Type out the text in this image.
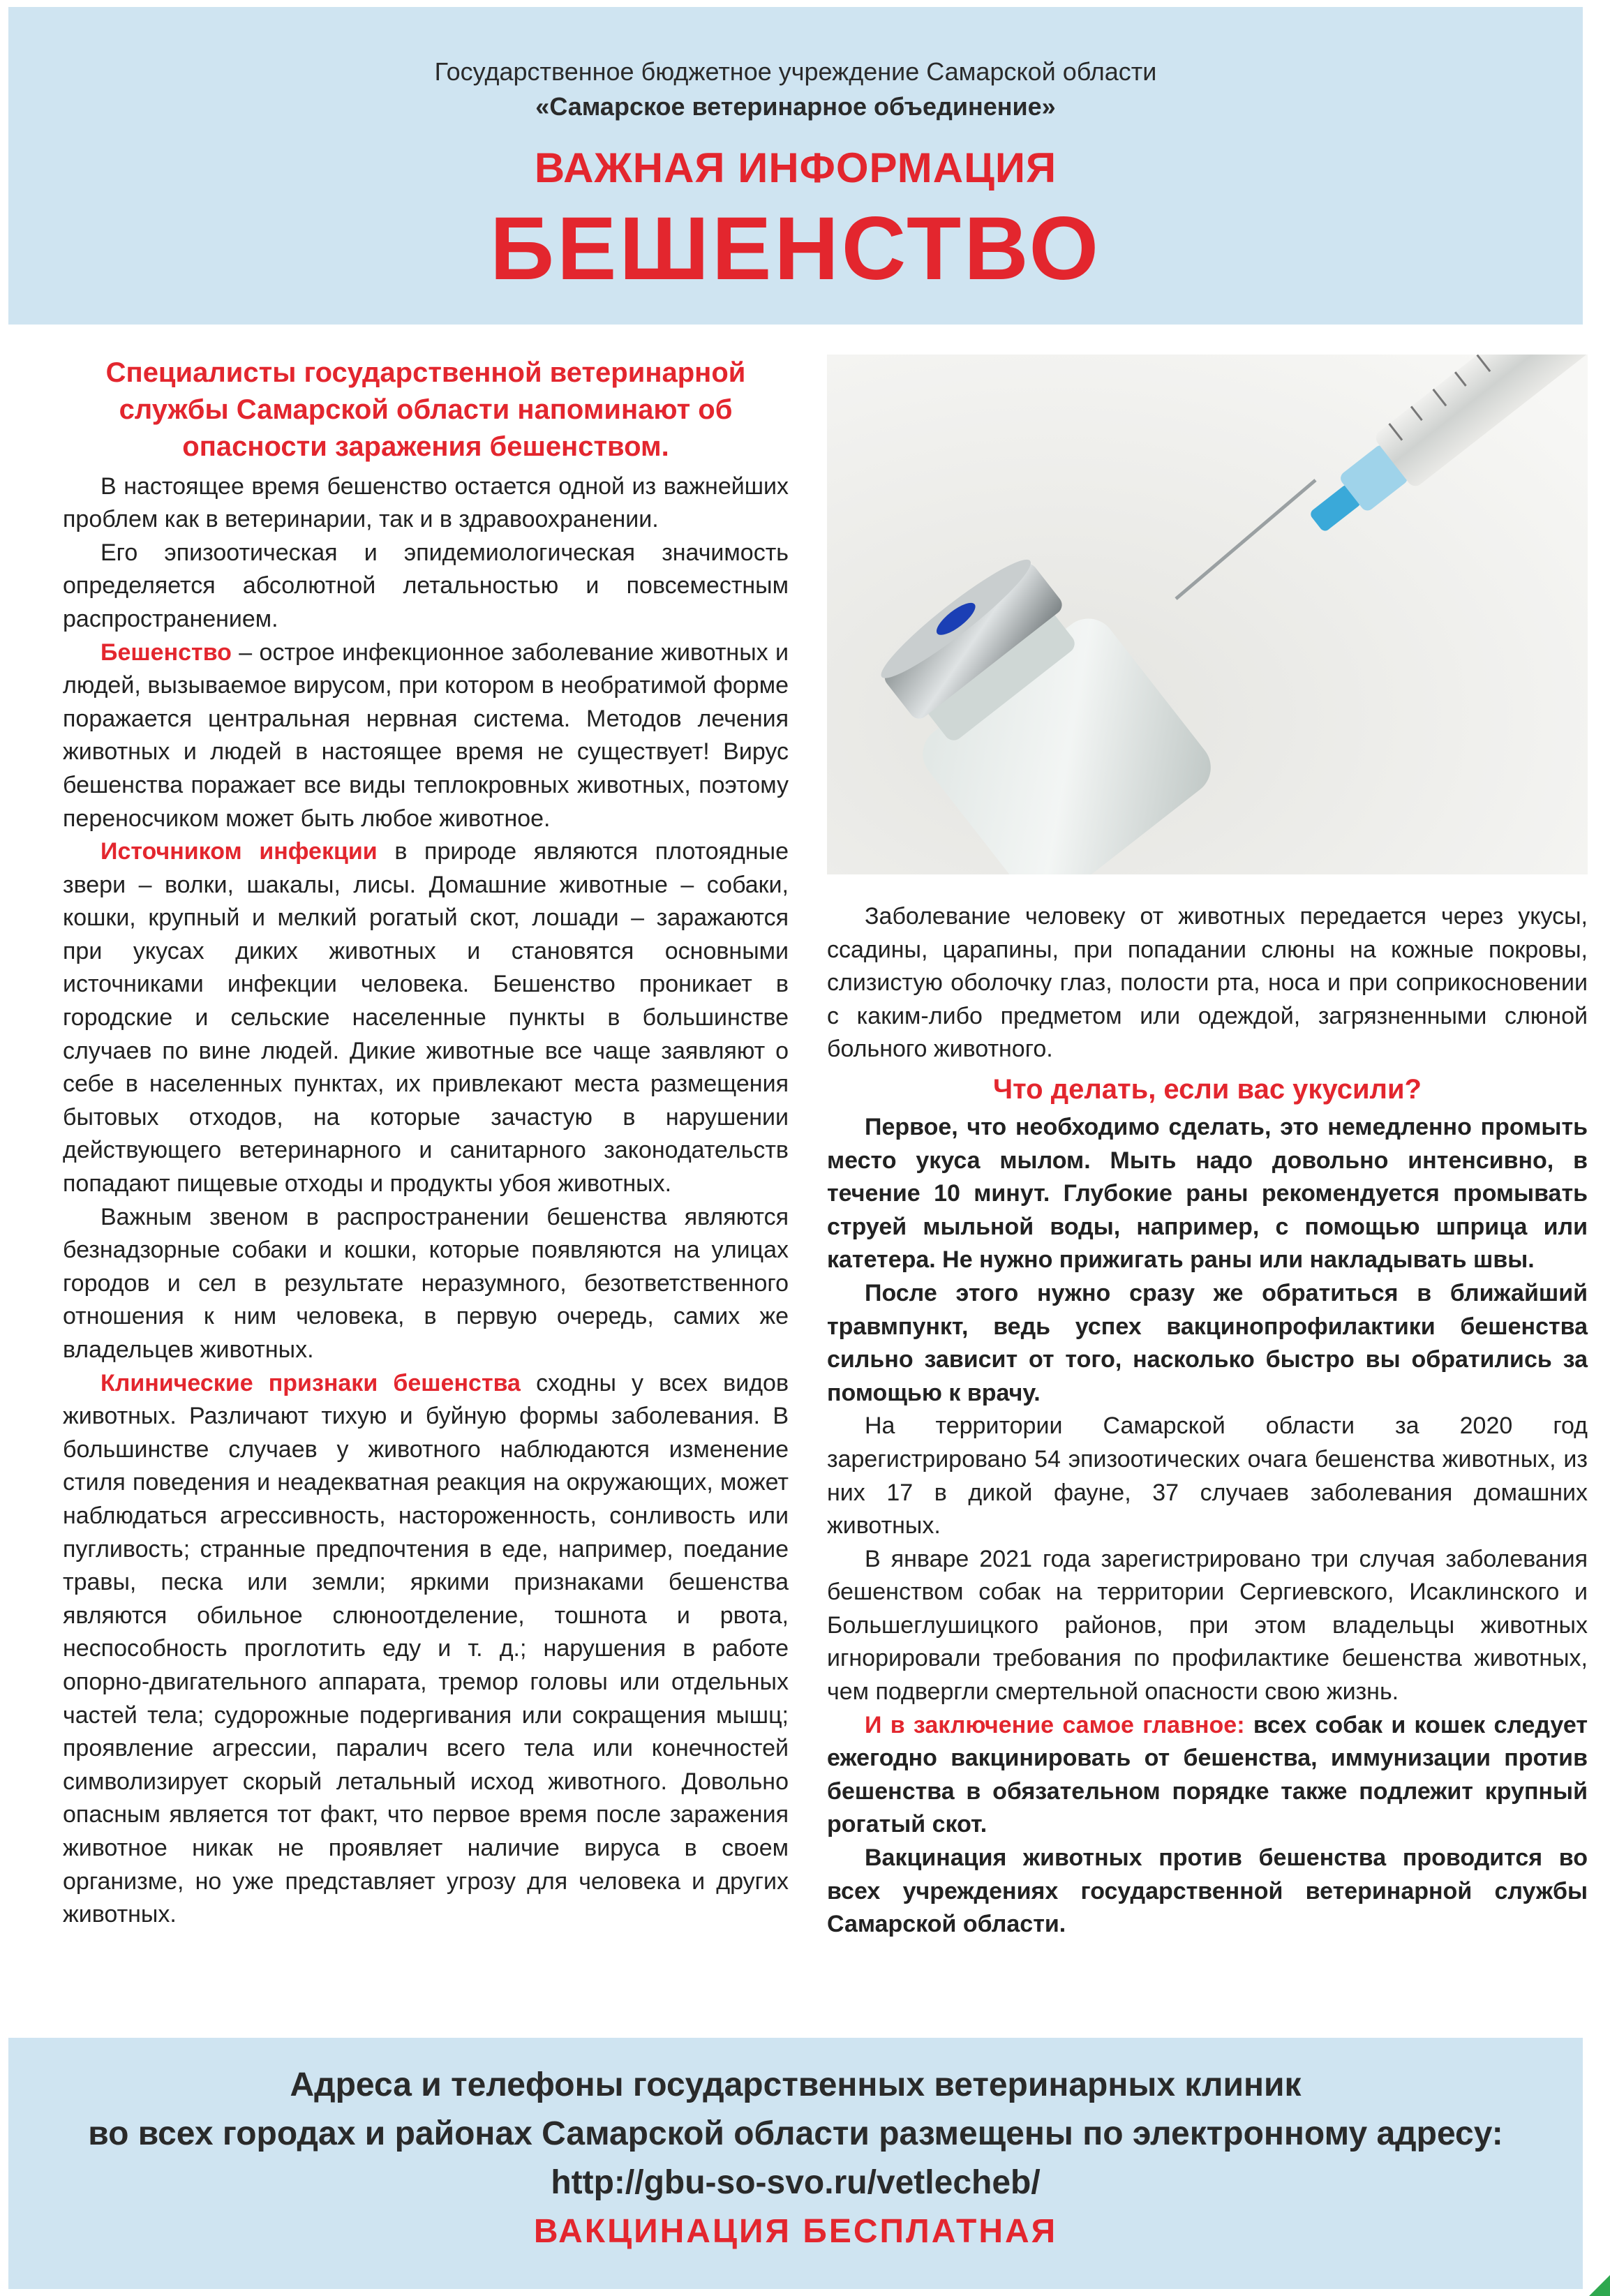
Государственное бюджетное учреждение Самарской области
«Самарское ветеринарное объединение»
ВАЖНАЯ ИНФОРМАЦИЯ
БЕШЕНСТВО
Специалисты государственной ветеринарной службы Самарской области напоминают об опасности заражения бешенством.

В настоящее время бешенство остается одной из важнейших проблем как в ветеринарии, так и в здравоохранении.

Его эпизоотическая и эпидемиологическая значимость определяется абсолютной летальностью и повсеместным распространением.

Бешенство – острое инфекционное заболевание животных и людей, вызываемое вирусом, при котором в необратимой форме поражается центральная нервная система. Методов лечения животных и людей в настоящее время не существует! Вирус бешенства поражает все виды теплокровных животных, поэтому переносчиком может быть любое животное.

Источником инфекции в природе являются плотоядные звери – волки, шакалы, лисы. Домашние животные – собаки, кошки, крупный и мелкий рогатый скот, лошади – заражаются при укусах диких животных и становятся основными источниками инфекции человека. Бешенство проникает в городские и сельские населенные пункты в большинстве случаев по вине людей. Дикие животные все чаще заявляют о себе в населенных пунктах, их привлекают места размещения бытовых отходов, на которые зачастую в нарушении действующего ветеринарного и санитарного законодательств попадают пищевые отходы и продукты убоя животных.

Важным звеном в распространении бешенства являются безнадзорные собаки и кошки, которые появляются на улицах городов и сел в результате неразумного, безответственного отношения к ним человека, в первую очередь, самих же владельцев животных.

Клинические признаки бешенства сходны у всех видов животных. Различают тихую и буйную формы заболевания. В большинстве случаев у животного наблюдаются изменение стиля поведения и неадекватная реакция на окружающих, может наблюдаться агрессивность, настороженность, сонливость или пугливость; странные предпочтения в еде, например, поедание травы, песка или земли; яркими признаками бешенства являются обильное слюноотделение, тошнота и рвота, неспособность проглотить еду и т. д.; нарушения в работе опорно-двигательного аппарата, тремор головы или отдельных частей тела; судорожные подергивания или сокращения мышц; проявление агрессии, паралич всего тела или конечностей символизирует скорый летальный исход животного. Довольно опасным является тот факт, что первое время после заражения животное никак не проявляет наличие вируса в своем организме, но уже представляет угрозу для человека и других животных.

Заболевание человеку от животных передается через укусы, ссадины, царапины, при попадании слюны на кожные покровы, слизистую оболочку глаз, полости рта, носа и при соприкосновении с каким-либо предметом или одеждой, загрязненными слюной больного животного.

Что делать, если вас укусили?

Первое, что необходимо сделать, это немедленно промыть место укуса мылом. Мыть надо довольно интенсивно, в течение 10 минут. Глубокие раны рекомендуется промывать струей мыльной воды, например, с помощью шприца или катетера. Не нужно прижигать раны или накладывать швы.

После этого нужно сразу же обратиться в ближайший травмпункт, ведь успех вакцинопрофилактики бешенства сильно зависит от того, насколько быстро вы обратились за помощью к врачу.

На территории Самарской области за 2020 год зарегистрировано 54 эпизоотических очага бешенства животных, из них 17 в дикой фауне, 37 случаев заболевания домашних животных.

В январе 2021 года зарегистрировано три случая заболевания бешенством собак на территории Сергиевского, Исаклинского и Большеглушицкого районов, при этом владельцы животных игнорировали требования по профилактике бешенства животных, чем подвергли смертельной опасности свою жизнь.

И в заключение самое главное: всех собак и кошек следует ежегодно вакцинировать от бешенства, иммунизации против бешенства в обязательном порядке также подлежит крупный рогатый скот.

Вакцинация животных против бешенства проводится во всех учреждениях государственной ветеринарной службы Самарской области.

Адреса и телефоны государственных ветеринарных клиник
во всех городах и районах Самарской области размещены по электронному адресу:
http://gbu-so-svo.ru/vetlecheb/
ВАКЦИНАЦИЯ БЕСПЛАТНАЯ
